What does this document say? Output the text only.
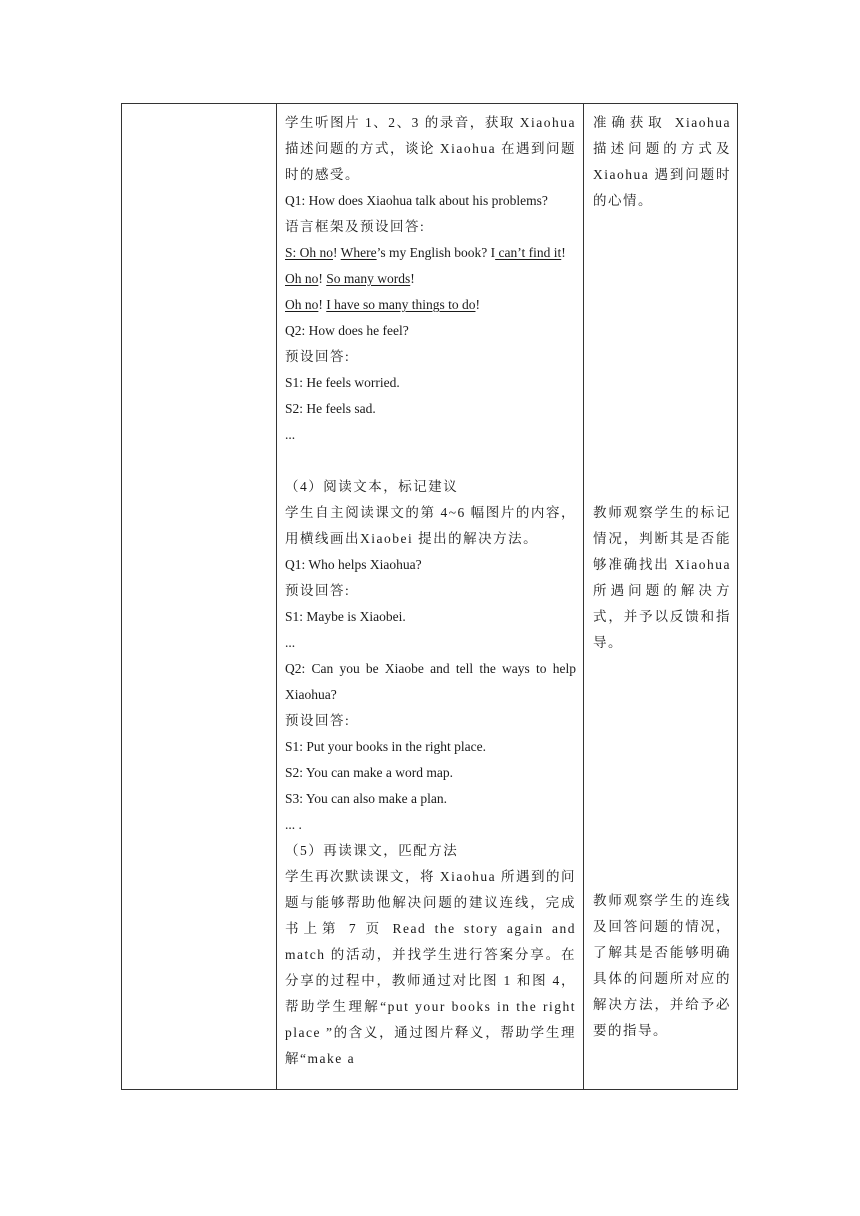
学生听图片 1、2、3 的录音，获取 Xiaohua 描述问题的方式，谈论 Xiaohua 在遇到问题时的感受。

Q1: How does Xiaohua talk about his problems?

语言框架及预设回答:

S: Oh no! Where’s my English book? I can’t find it!

Oh no! So many words!

Oh no! I have so many things to do!

Q2: How does he feel?

预设回答:

S1: He feels worried.

S2: He feels sad.

...

（4）阅读文本，标记建议

学生自主阅读课文的第 4~6 幅图片的内容，用横线画出Xiaobei 提出的解决方法。

Q1: Who helps Xiaohua?

预设回答:

S1: Maybe is Xiaobei.

...

Q2: Can you be Xiaobe and tell the ways to help Xiaohua?

预设回答:

S1: Put your books in the right place.

S2: You can make a word map.

S3: You can also make a plan.

... .

（5）再读课文，匹配方法

学生再次默读课文，将 Xiaohua 所遇到的问题与能够帮助他解决问题的建议连线，完成书上第 7 页 Read the story again and match 的活动，并找学生进行答案分享。在分享的过程中，教师通过对比图 1 和图 4，帮助学生理解“put your books in the right place ”的含义，通过图片释义，帮助学生理解“make a

准确获取 Xiaohua 描述问题的方式及Xiaohua 遇到问题时的心情。

教师观察学生的标记情况，判断其是否能够准确找出 Xiaohua 所遇问题的解决方式，并予以反馈和指导。

教师观察学生的连线及回答问题的情况，了解其是否能够明确具体的问题所对应的解决方法，并给予必要的指导。
